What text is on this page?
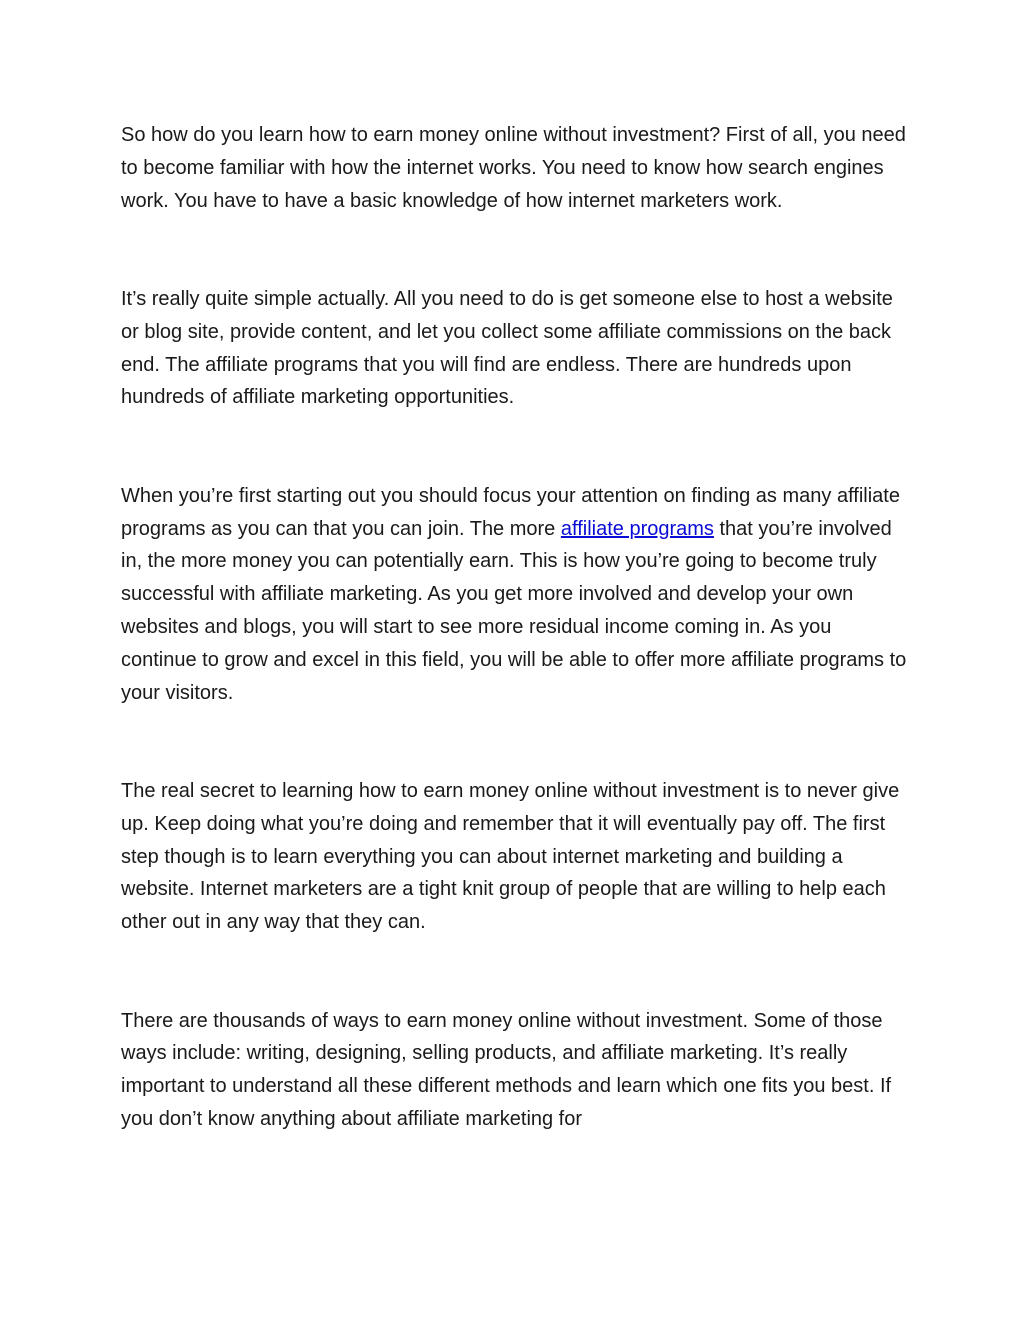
So how do you learn how to earn money online without investment? First of all, you need to become familiar with how the internet works. You need to know how search engines work. You have to have a basic knowledge of how internet marketers work.

It’s really quite simple actually. All you need to do is get someone else to host a website or blog site, provide content, and let you collect some affiliate commissions on the back end. The affiliate programs that you will find are endless. There are hundreds upon hundreds of affiliate marketing opportunities.

When you’re first starting out you should focus your attention on finding as many affiliate programs as you can that you can join. The more affiliate programs that you’re involved in, the more money you can potentially earn. This is how you’re going to become truly successful with affiliate marketing. As you get more involved and develop your own websites and blogs, you will start to see more residual income coming in. As you continue to grow and excel in this field, you will be able to offer more affiliate programs to your visitors.

The real secret to learning how to earn money online without investment is to never give up. Keep doing what you’re doing and remember that it will eventually pay off. The first step though is to learn everything you can about internet marketing and building a website. Internet marketers are a tight knit group of people that are willing to help each other out in any way that they can.

There are thousands of ways to earn money online without investment. Some of those ways include: writing, designing, selling products, and affiliate marketing. It’s really important to understand all these different methods and learn which one fits you best. If you don’t know anything about affiliate marketing for
